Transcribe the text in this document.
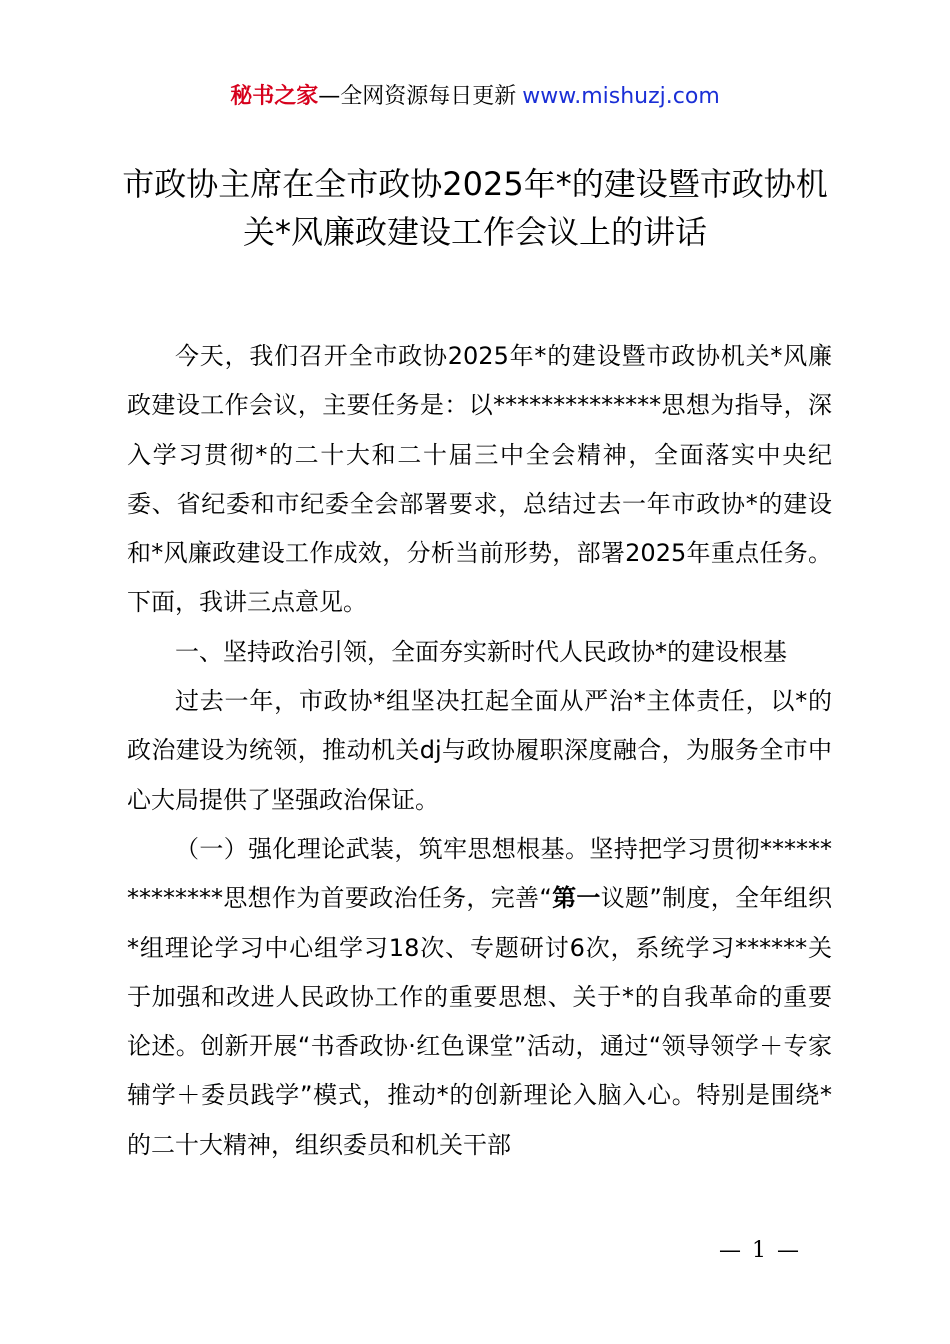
秘书之家—全网资源每日更新 www.mishuzj.com
市政协主席在全市政协2025年*的建设暨市政协机关*风廉政建设工作会议上的讲话

今天，我们召开全市政协2025年*的建设暨市政协机关*风廉政建设工作会议，主要任务是：以**************思想为指导，深入学习贯彻*的二十大和二十届三中全会精神，全面落实中央纪委、省纪委和市纪委全会部署要求，总结过去一年市政协*的建设和*风廉政建设工作成效，分析当前形势，部署2025年重点任务。下面，我讲三点意见。

一、坚持政治引领，全面夯实新时代人民政协*的建设根基

过去一年，市政协*组坚决扛起全面从严治*主体责任，以*的政治建设为统领，推动机关dj与政协履职深度融合，为服务全市中心大局提供了坚强政治保证。

（一）强化理论武装，筑牢思想根基。坚持把学习贯彻**************思想作为首要政治任务，完善“第一议题”制度，全年组织*组理论学习中心组学习18次、专题研讨6次，系统学习******关于加强和改进人民政协工作的重要思想、关于*的自我革命的重要论述。创新开展“书香政协·红色课堂”活动，通过“领导领学＋专家辅学＋委员践学”模式，推动*的创新理论入脑入心。特别是围绕*的二十大精神，组织委员和机关干部

— 1 —
